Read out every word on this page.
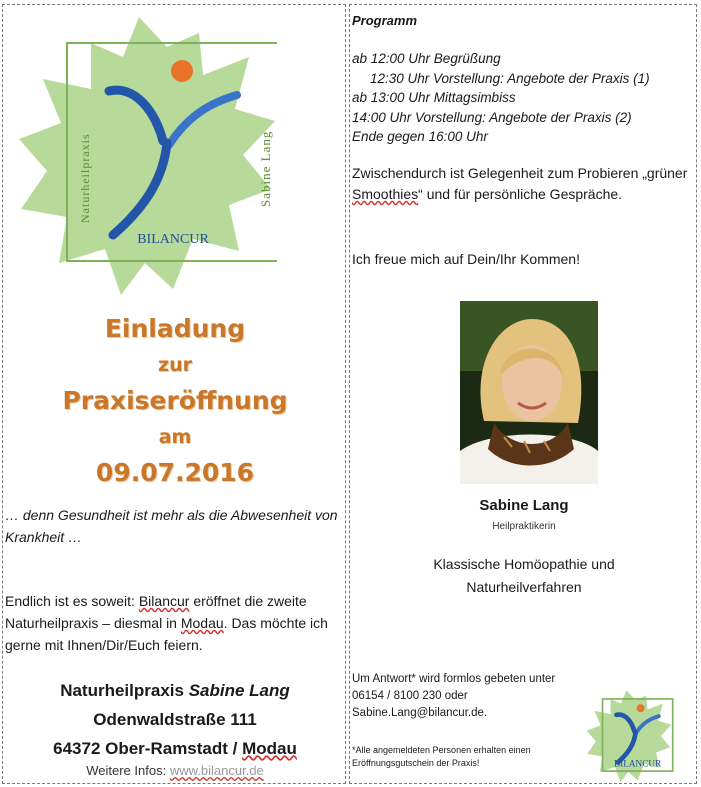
BILANCUR
Naturheilpraxis	Sabine Lang
Einladung
zur
Praxiseröffnung
am
09.07.2016
… denn Gesundheit ist mehr als die Abwesenheit von Krankheit …
Endlich ist es soweit: Bilancur eröffnet die zweite Naturheilpraxis – diesmal in Modau. Das möchte ich gerne mit Ihnen/Dir/Euch feiern.
Naturheilpraxis Sabine Lang
Odenwaldstraße 111
64372 Ober-Ramstadt / Modau
Weitere Infos: www.bilancur.de
Programm
ab 12:00 Uhr Begrüßung
12:30 Uhr Vorstellung: Angebote der Praxis (1)
ab 13:00 Uhr Mittagsimbiss
14:00 Uhr Vorstellung: Angebote der Praxis (2)
Ende gegen 16:00 Uhr
Zwischendurch ist Gelegenheit zum Probieren „grüner Smoothies“ und für persönliche Gespräche.
Ich freue mich auf Dein/Ihr Kommen!
Sabine Lang
Heilpraktikerin
Klassische Homöopathie und
Naturheilverfahren
Um Antwort* wird formlos gebeten unter
06154 / 8100 230 oder
Sabine.Lang@bilancur.de.
*Alle angemeldeten Personen erhalten einen
Eröffnungsgutschein der Praxis!	BILANCUR
